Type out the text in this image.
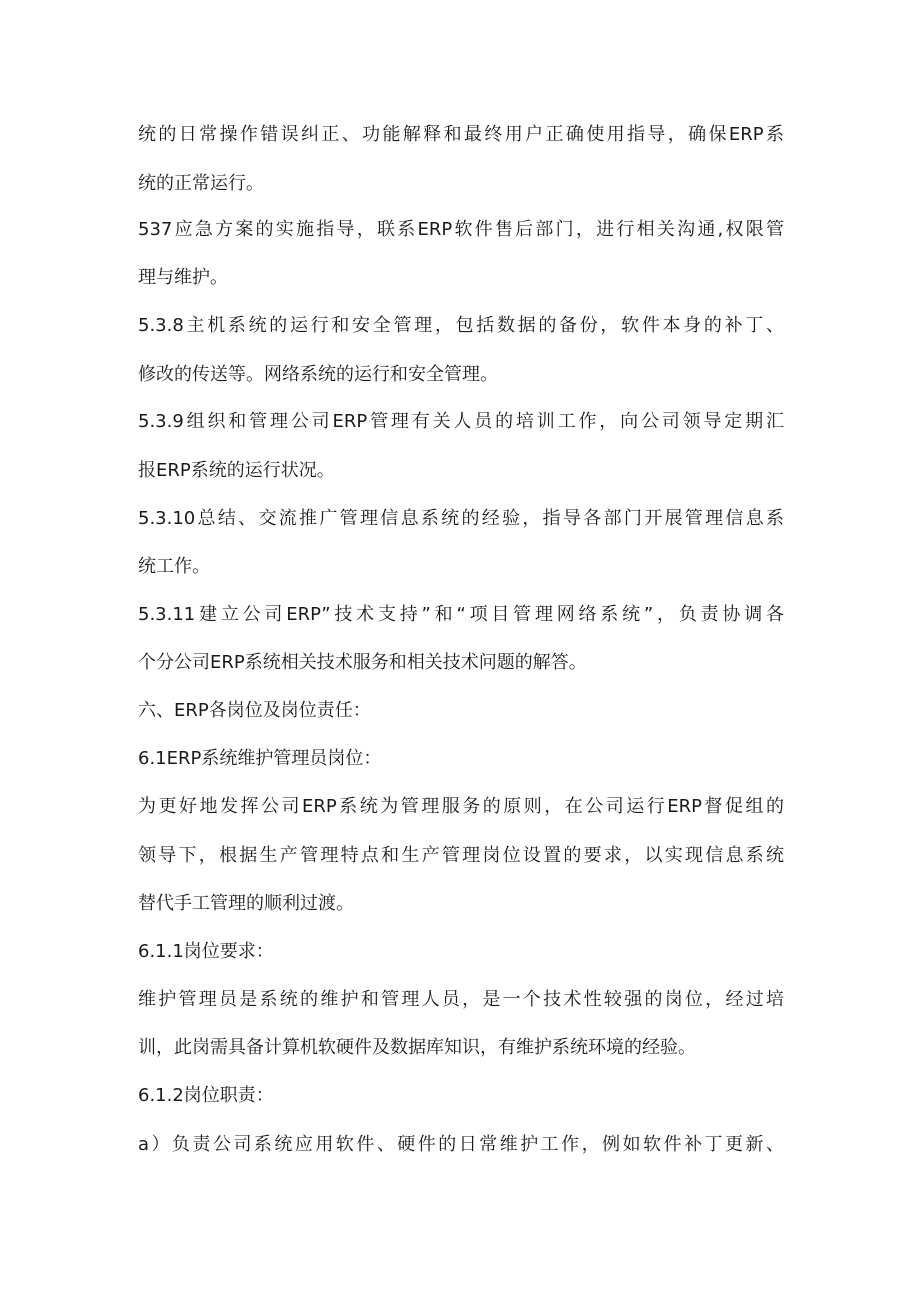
统的日常操作错误纠正、功能解释和最终用户正确使用指导，确保ERP系
统的正常运行。
537应急方案的实施指导，联系ERP软件售后部门，进行相关沟通,权限管
理与维护。
5.3.8主机系统的运行和安全管理，包括数据的备份，软件本身的补丁、
修改的传送等。网络系统的运行和安全管理。
5.3.9组织和管理公司ERP管理有关人员的培训工作，向公司领导定期汇
报ERP系统的运行状况。
5.3.10总结、交流推广管理信息系统的经验，指导各部门开展管理信息系
统工作。
5.3.11建立公司ERP”技术支持”和“项目管理网络系统”，负责协调各
个分公司ERP系统相关技术服务和相关技术问题的解答。
六、ERP各岗位及岗位责任：
6.1ERP系统维护管理员岗位：
为更好地发挥公司ERP系统为管理服务的原则，在公司运行ERP督促组的
领导下，根据生产管理特点和生产管理岗位设置的要求，以实现信息系统
替代手工管理的顺利过渡。
6.1.1岗位要求：
维护管理员是系统的维护和管理人员，是一个技术性较强的岗位，经过培
训，此岗需具备计算机软硬件及数据库知识，有维护系统环境的经验。
6.1.2岗位职责：
a）负责公司系统应用软件、硬件的日常维护工作，例如软件补丁更新、
